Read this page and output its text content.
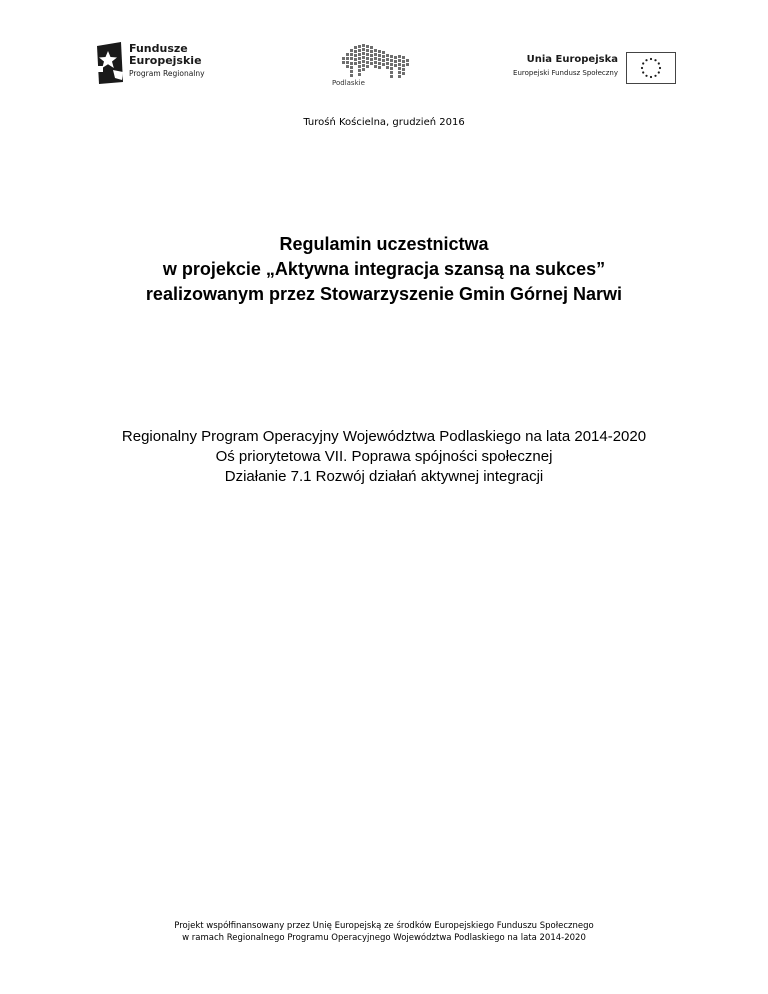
Fundusze
Europejskie
Program Regionalny
Podlaskie
Unia Europejska
Europejski Fundusz Społeczny
Turośń Kościelna, grudzień 2016
Regulamin uczestnictwa
w projekcie „Aktywna integracja szansą na sukces”
realizowanym przez Stowarzyszenie Gmin Górnej Narwi
Regionalny Program Operacyjny Województwa Podlaskiego na lata 2014-2020
Oś priorytetowa VII. Poprawa spójności społecznej
Działanie 7.1 Rozwój działań aktywnej integracji
Projekt współfinansowany przez Unię Europejską ze środków Europejskiego Funduszu Społecznego
w ramach Regionalnego Programu Operacyjnego Województwa Podlaskiego na lata 2014-2020
